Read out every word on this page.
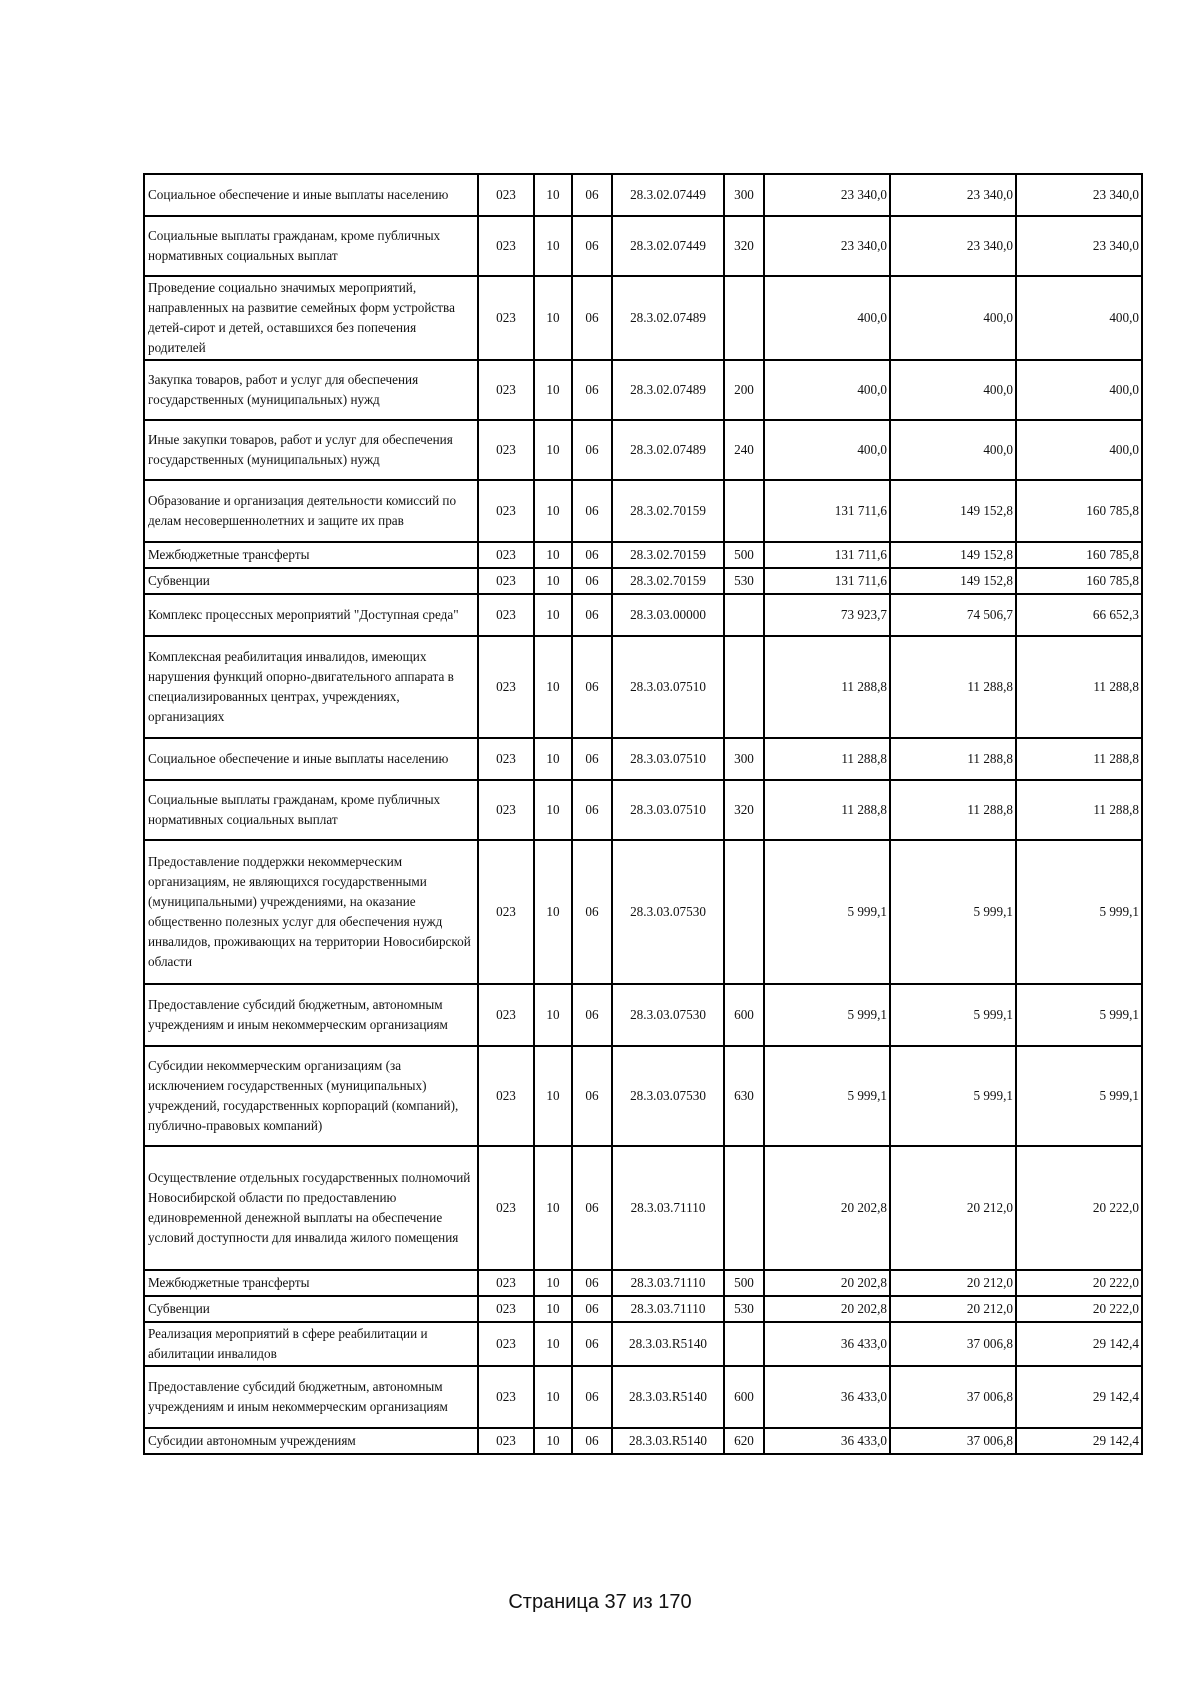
Социальное обеспечение и иные выплаты населению	023	10	06	28.3.02.07449	300	23 340,0	23 340,0	23 340,0
Социальные выплаты гражданам, кроме публичных нормативных социальных выплат	023	10	06	28.3.02.07449	320	23 340,0	23 340,0	23 340,0
Проведение социально значимых мероприятий, направленных на развитие семейных форм устройства детей-сирот и детей, оставшихся без попечения родителей	023	10	06	28.3.02.07489		400,0	400,0	400,0
Закупка товаров, работ и услуг для обеспечения государственных (муниципальных) нужд	023	10	06	28.3.02.07489	200	400,0	400,0	400,0
Иные закупки товаров, работ и услуг для обеспечения государственных (муниципальных) нужд	023	10	06	28.3.02.07489	240	400,0	400,0	400,0
Образование и организация деятельности комиссий по делам несовершеннолетних и защите их прав	023	10	06	28.3.02.70159		131 711,6	149 152,8	160 785,8
Межбюджетные трансферты	023	10	06	28.3.02.70159	500	131 711,6	149 152,8	160 785,8
Субвенции	023	10	06	28.3.02.70159	530	131 711,6	149 152,8	160 785,8
Комплекс процессных мероприятий "Доступная среда"	023	10	06	28.3.03.00000		73 923,7	74 506,7	66 652,3
Комплексная реабилитация инвалидов, имеющих нарушения функций опорно-двигательного аппарата в специализированных центрах, учреждениях, организациях	023	10	06	28.3.03.07510		11 288,8	11 288,8	11 288,8
Социальное обеспечение и иные выплаты населению	023	10	06	28.3.03.07510	300	11 288,8	11 288,8	11 288,8
Социальные выплаты гражданам, кроме публичных нормативных социальных выплат	023	10	06	28.3.03.07510	320	11 288,8	11 288,8	11 288,8
Предоставление поддержки некоммерческим организациям, не являющихся государственными (муниципальными) учреждениями, на оказание общественно полезных услуг для обеспечения нужд инвалидов, проживающих на территории Новосибирской области	023	10	06	28.3.03.07530		5 999,1	5 999,1	5 999,1
Предоставление субсидий бюджетным, автономным учреждениям и иным некоммерческим организациям	023	10	06	28.3.03.07530	600	5 999,1	5 999,1	5 999,1
Субсидии некоммерческим организациям (за исключением государственных (муниципальных) учреждений, государственных корпораций (компаний), публично-правовых компаний)	023	10	06	28.3.03.07530	630	5 999,1	5 999,1	5 999,1
Осуществление отдельных государственных полномочий Новосибирской области по предоставлению единовременной денежной выплаты на обеспечение условий доступности для инвалида жилого помещения	023	10	06	28.3.03.71110		20 202,8	20 212,0	20 222,0
Межбюджетные трансферты	023	10	06	28.3.03.71110	500	20 202,8	20 212,0	20 222,0
Субвенции	023	10	06	28.3.03.71110	530	20 202,8	20 212,0	20 222,0
Реализация мероприятий в сфере реабилитации и абилитации инвалидов	023	10	06	28.3.03.R5140		36 433,0	37 006,8	29 142,4
Предоставление субсидий бюджетным, автономным учреждениям и иным некоммерческим организациям	023	10	06	28.3.03.R5140	600	36 433,0	37 006,8	29 142,4
Субсидии автономным учреждениям	023	10	06	28.3.03.R5140	620	36 433,0	37 006,8	29 142,4
Страница 37 из 170
